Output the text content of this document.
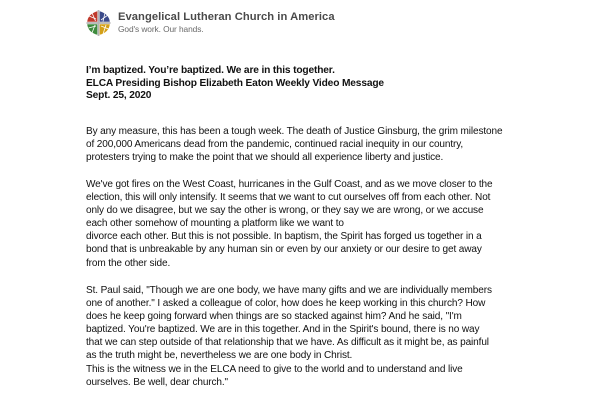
Evangelical Lutheran Church in America
God's work. Our hands.
I’m baptized. You’re baptized. We are in this together.
ELCA Presiding Bishop Elizabeth Eaton Weekly Video Message
Sept. 25, 2020
By any measure, this has been a tough week. The death of Justice Ginsburg, the grim milestone
of 200,000 Americans dead from the pandemic, continued racial inequity in our country,
protesters trying to make the point that we should all experience liberty and justice.
We've got fires on the West Coast, hurricanes in the Gulf Coast, and as we move closer to the
election, this will only intensify. It seems that we want to cut ourselves off from each other. Not
only do we disagree, but we say the other is wrong, or they say we are wrong, or we accuse
each other somehow of mounting a platform like we want to
divorce each other. But this is not possible. In baptism, the Spirit has forged us together in a
bond that is unbreakable by any human sin or even by our anxiety or our desire to get away
from the other side.
St. Paul said, "Though we are one body, we have many gifts and we are individually members
one of another." I asked a colleague of color, how does he keep working in this church? How
does he keep going forward when things are so stacked against him? And he said, "I'm
baptized. You're baptized. We are in this together. And in the Spirit's bound, there is no way
that we can step outside of that relationship that we have. As difficult as it might be, as painful
as the truth might be, nevertheless we are one body in Christ.
This is the witness we in the ELCA need to give to the world and to understand and live
ourselves. Be well, dear church."
